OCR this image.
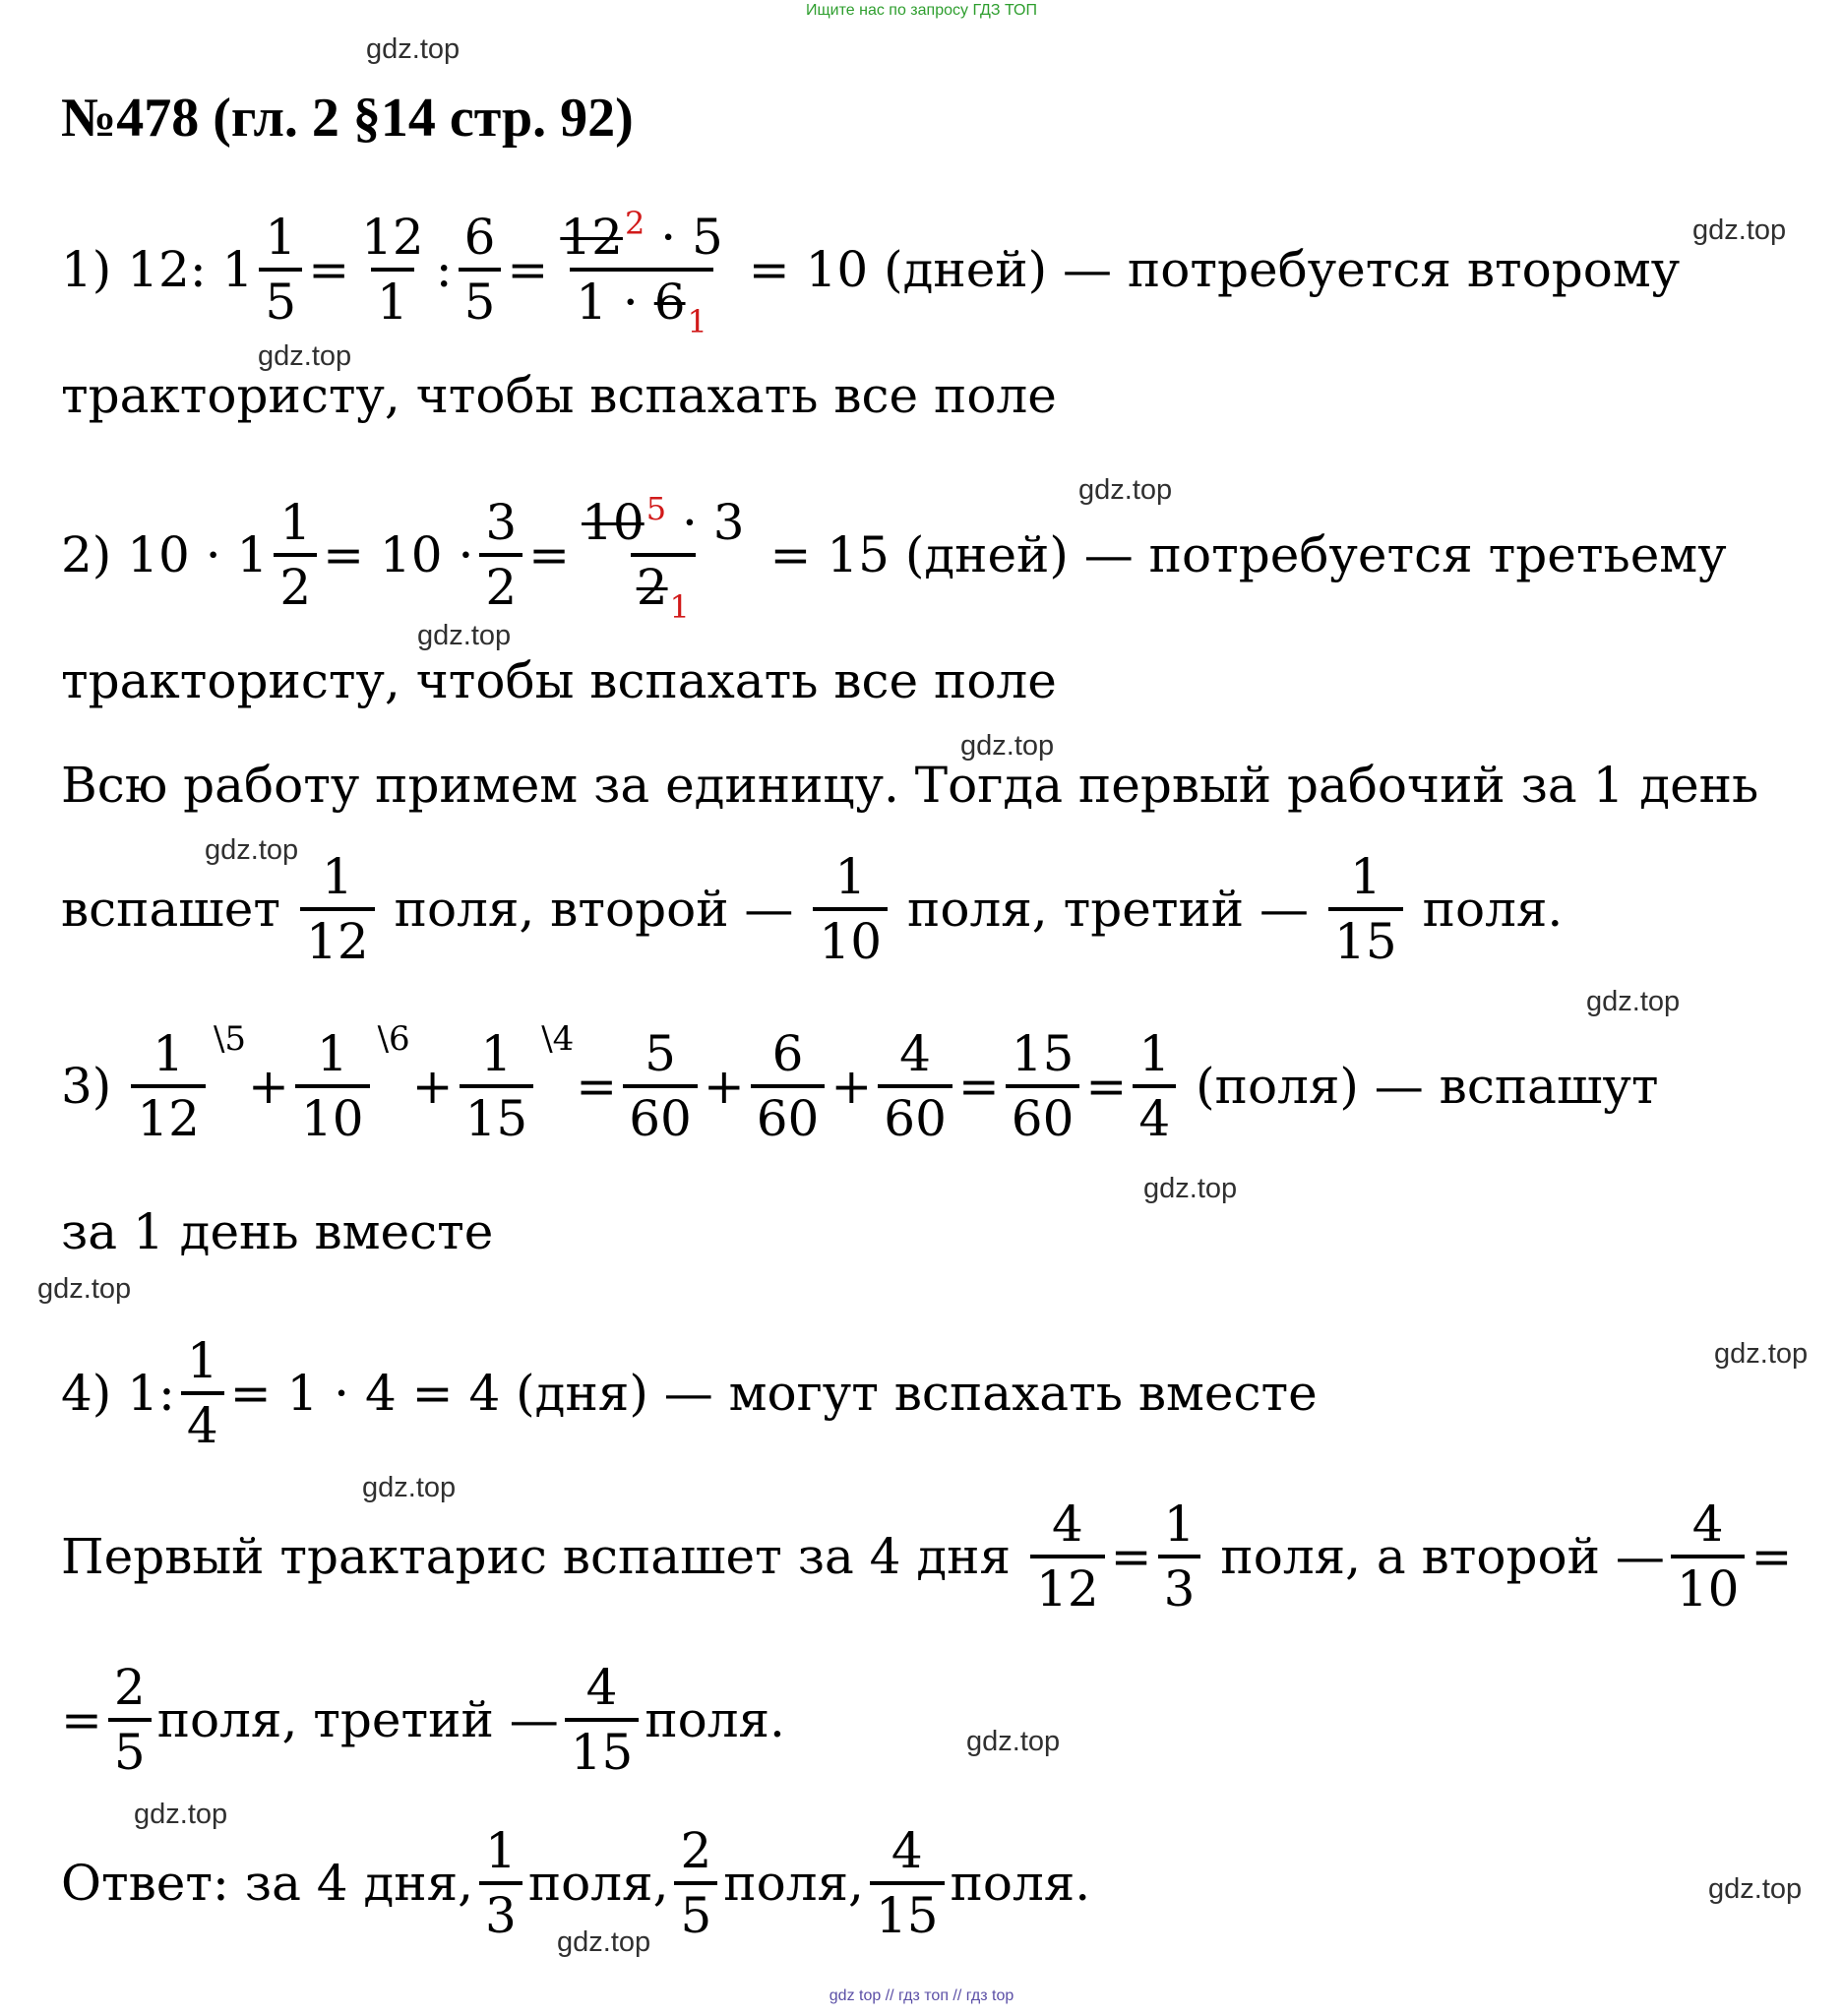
Ищите нас по запросу ГДЗ ТОП
№478 (гл. 2 §14 стр. 92)
gdz.top
gdz.top
gdz.top
gdz.top
gdz.top
gdz.top
gdz.top
gdz.top
gdz.top
gdz.top
gdz.top
gdz.top
gdz.top
gdz.top
gdz.top
gdz.top
1) 12: $1 \frac{1}{5} = \frac{12}{1}$ : $\frac{6}{5} = \frac{12^2 \cdot 5}{1 \cdot 6_1} = 10$ (дней) — потребуется второму
трактористу, чтобы вспахать все поле
2) $10 \cdot 1 \frac{1}{2} = 10 \cdot \frac{3}{2} = \frac{10^5 \cdot 3}{2_1} = 15$ (дней) — потребуется третьему
трактористу, чтобы вспахать все поле
Всю работу примем за единицу. Тогда первый рабочий за 1 день
вспашет $\frac{1}{12}$ поля, второй — $\frac{1}{10}$ поля, третий — $\frac{1}{15}$ поля.
$3) \frac{1}{12}$ \5
+ $\frac{1}{10}$ \6
+ $\frac{1}{15}$ \4
= $\frac{5}{60} + \frac{6}{60} + \frac{4}{60} = \frac{15}{60} = \frac{1}{4}$ (поля) — вспашут
за 1 день вместе
4) 1: $\frac{1}{4} = 1 \cdot 4 = 4$ (дня) — могут вспахать вместе
Первый трактарис вспашет за 4 дня $\frac{4}{12} = \frac{1}{3}$ поля, а второй — $\frac{4}{10}$ =
= $\frac{2}{5}$ поля, третий — $\frac{4}{15}$ поля.
Ответ: за 4 дня, $\frac{1}{3}$ поля, $\frac{2}{5}$ поля, $\frac{4}{15}$ поля.
gdz top // гдз топ // гдз top
